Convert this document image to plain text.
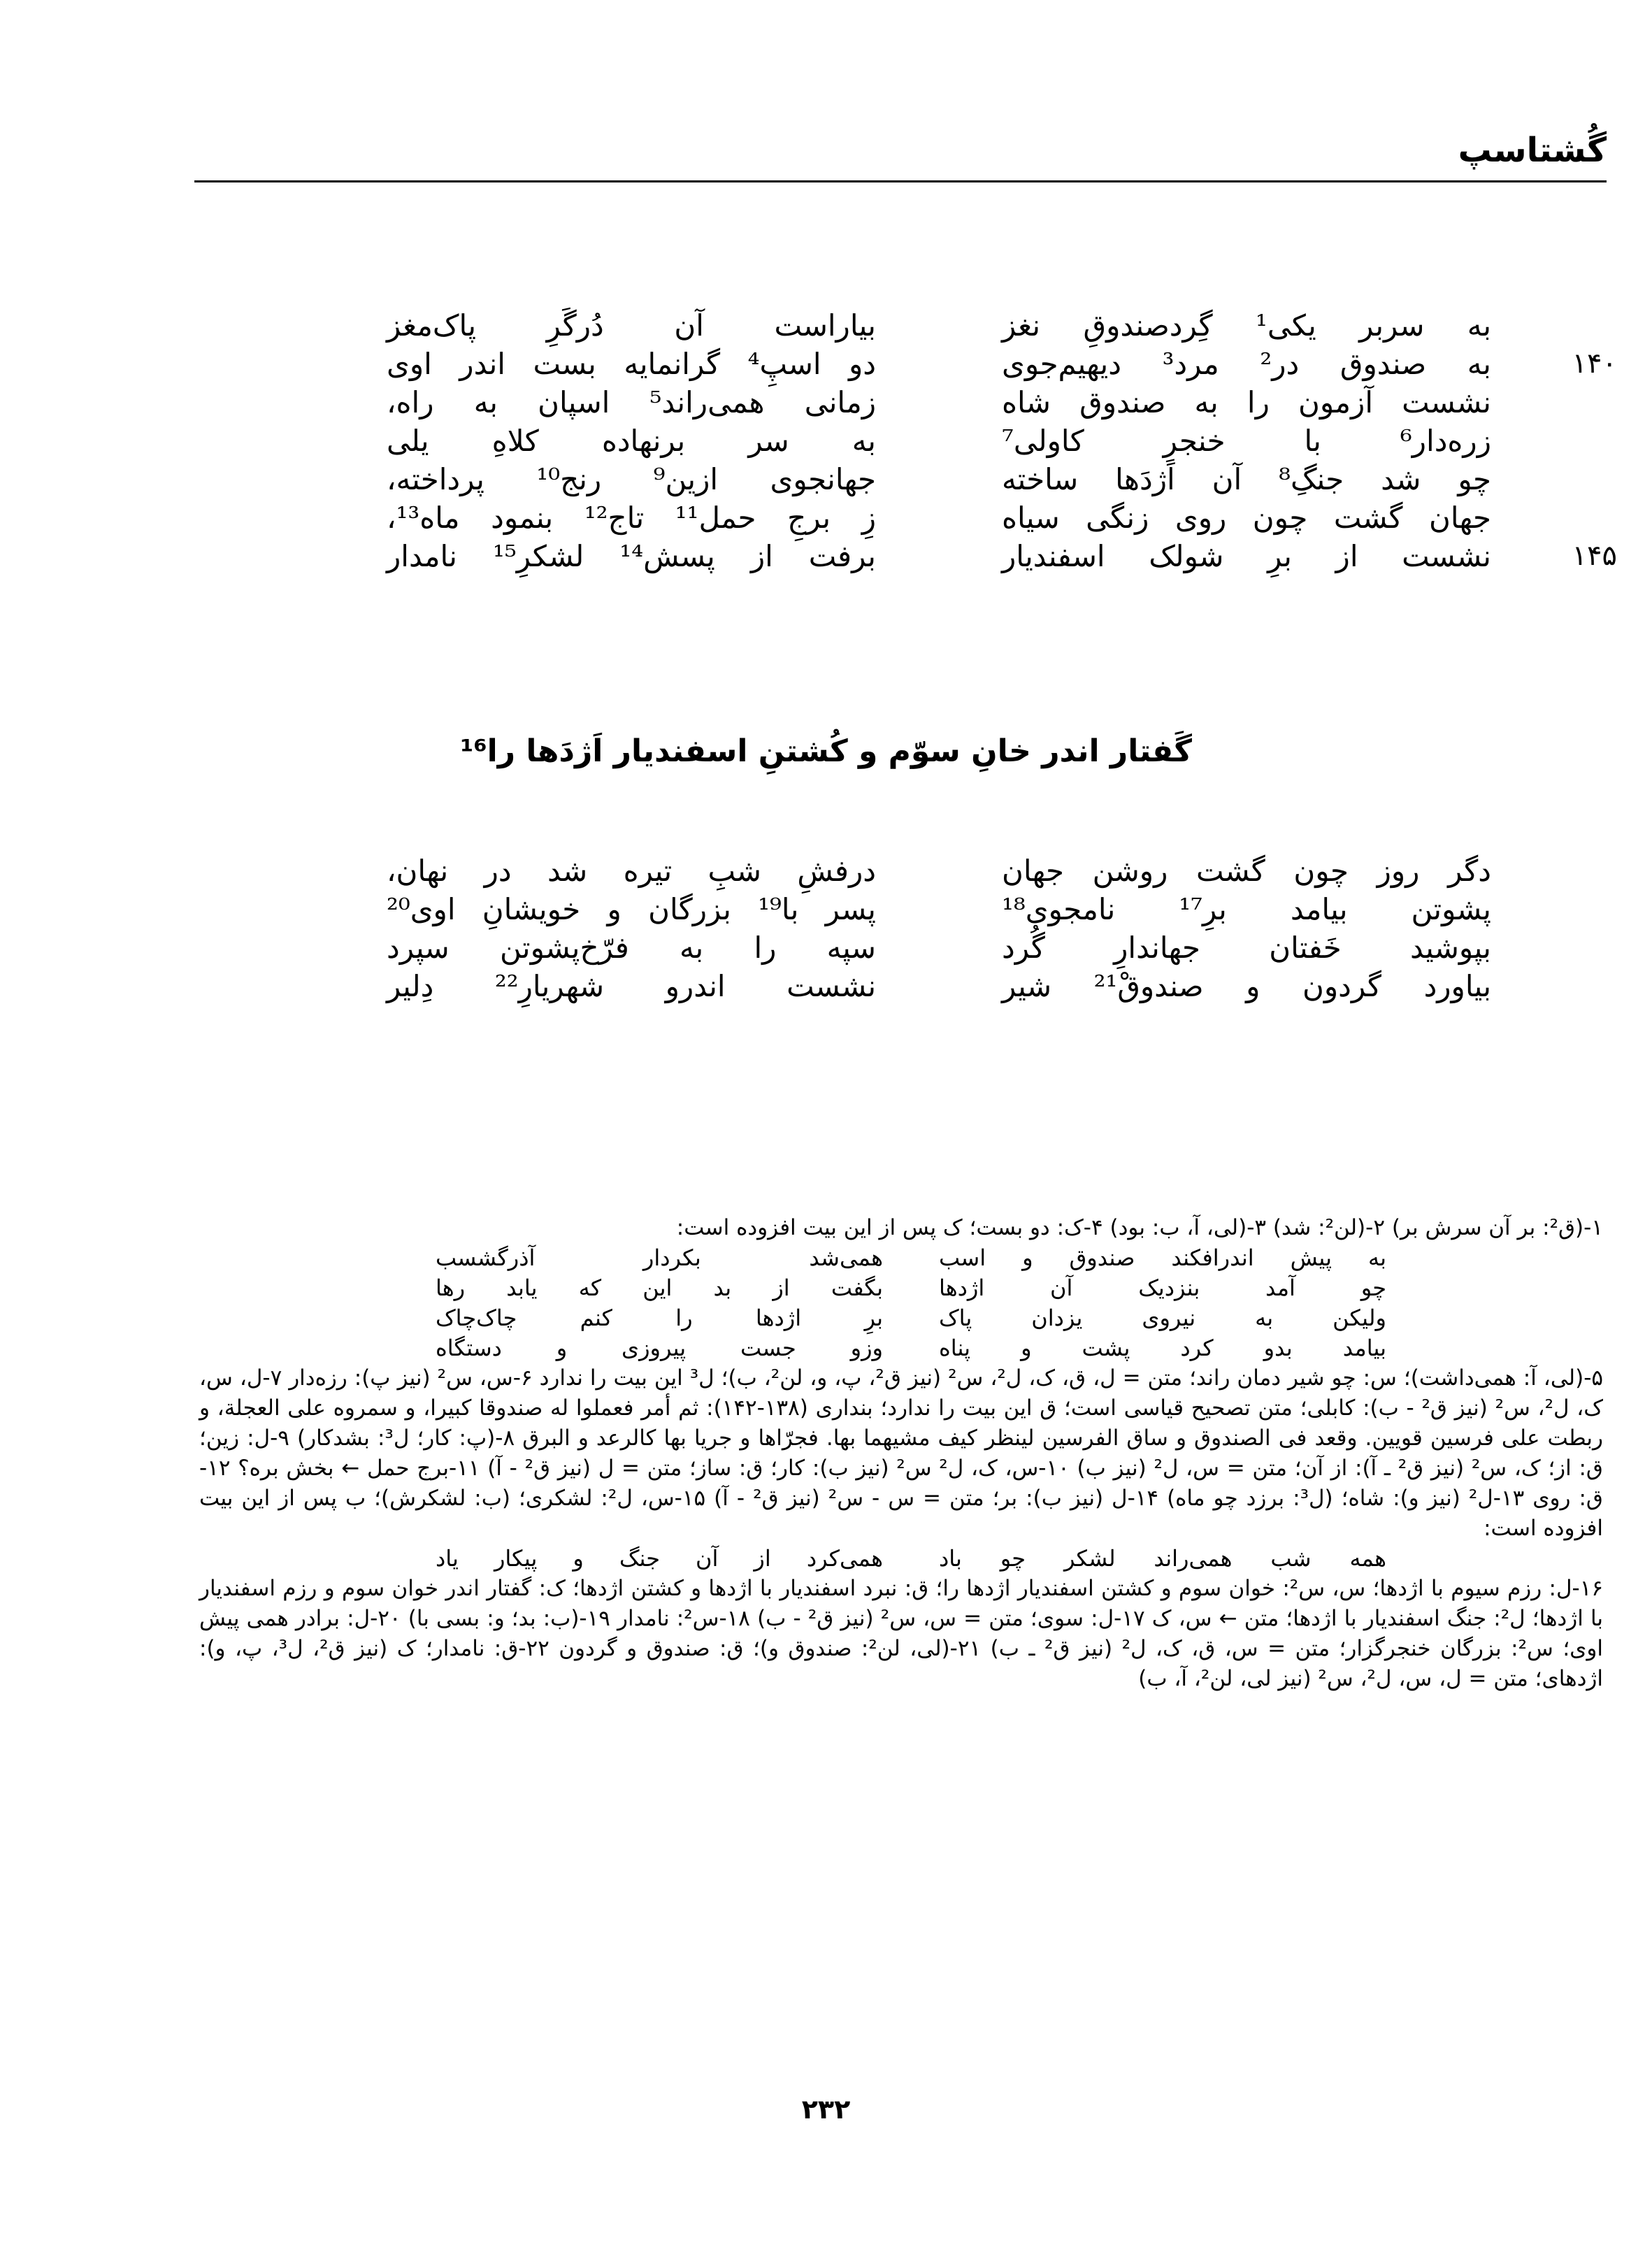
گُشتاسپ
به سربر یکی¹ گِردصندوقِ نغز
بیاراست آن دُرگَرِ پاک‌مغز
۱۴۰
به صندوق در² مرد³ دیهیم‌جوی
دو اسپِ⁴ گرانمایه بست اندر اوی
نشست آزمون را به صندوق شاه
زمانی همی‌راند⁵ اسپان به راه،
زره‌دار⁶ با خنجرِ کاولی⁷
به سر برنهاده کلاهِ یلی
چو شد جنگِ⁸ آن اَژدَها ساخته
جهانجوی ازین⁹ رنج¹⁰ پرداخته،
جهان گشت چون روی زنگی سیاه
زِ برجِ حمل¹¹ تاج¹² بنمود ماه¹³،
۱۴۵
نشست از برِ شولک اسفندیار
برفت از پسش¹⁴ لشکرِ¹⁵ نامدار
گَفتار اندر خانِ سوّم و کُشتنِ اسفندیار اَژدَها را¹⁶
دگر روز چون گشت روشن جهان
درفشِ شبِ تیره شد در نهان،
پشوتن بیامد برِ¹⁷ نامجوی¹⁸
پسر با¹⁹ بزرگان و خویشانِ اوی²⁰
بپوشید خَفتان جهاندارِ گُرد
سپه را به فرّخ‌پشوتن سپرد
بیاورد گردون و صندوقْ²¹ شیر
نشست اندرو شهریارِ²² دِلیر
۱-(ق²: بر آن سرش بر) ۲-(لن²: شد) ۳-(لی، آ، ب: بود) ۴-ک: دو بست؛ ک پس از این بیت افزوده است:
به پیش اندرافکند صندوق و اسب
همی‌شد بکردار آذرگشسب
چو آمد بنزدیک آن اژدها
بگفت از بد این که یابد رها
ولیکن به نیروی یزدان پاک
برِ اژدها را کنم چاک‌چاک
بیامد بدو کرد پشت و پناه
وزو جست پیروزی و دستگاه
۵-(لی، آ: همی‌داشت)؛ س: چو شیر دمان راند؛ متن = ل، ق، ک، ل²، س² (نیز ق²، پ، و، لن²، ب)؛ ل³ این بیت را ندارد ۶-س، س² (نیز پ): رزه‌دار ۷-ل، س، ک، ل²، س² (نیز ق² - ب): کابلی؛ متن تصحیح قیاسی است؛ ق این بیت را ندارد؛ بنداری (۱۳۸-۱۴۲): ثم أمر فعملوا له صندوقا کبیرا، و سمروه علی العجلة، و ربطت علی فرسین قویین. وقعد فی الصندوق و ساق الفرسین لینظر کیف مشیهما بها. فجرّاها و جریا بها کالرعد و البرق ۸-(پ: کار؛ ل³: بشدکار) ۹-ل: زین؛ ق: از؛ ک، س² (نیز ق² ـ آ): از آن؛ متن = س، ل² (نیز ب) ۱۰-س، ک، ل² س² (نیز ب): کار؛ ق: ساز؛ متن = ل (نیز ق² - آ) ۱۱-برج حمل ← بخش بره؟ ۱۲-ق: روی ۱۳-ل² (نیز و): شاه؛ (ل³: برزد چو ماه) ۱۴-ل (نیز ب): بر؛ متن = س - س² (نیز ق² - آ) ۱۵-س، ل²: لشکری؛ (ب: لشکرش)؛ ب پس از این بیت افزوده است:
همه شب همی‌راند لشکر چو باد
همی‌کرد از آن جنگ و پیکار یاد
۱۶-ل: رزم سیوم با اژدها؛ س، س²: خوان سوم و کشتن اسفندیار اژدها را؛ ق: نبرد اسفندیار با اژدها و کشتن اژدها؛ ک: گفتار اندر خوان سوم و رزم اسفندیار با اژدها؛ ل²: جنگ اسفندیار با اژدها؛ متن ← س، ک ۱۷-ل: سوی؛ متن = س، س² (نیز ق² - ب) ۱۸-س²: نامدار ۱۹-(ب: بد؛ و: بسی با) ۲۰-ل: برادر همی پیش اوی؛ س²: بزرگان خنجرگزار؛ متن = س، ق، ک، ل² (نیز ق² ـ ب) ۲۱-(لی، لن²: صندوق و)؛ ق: صندوق و گردون ۲۲-ق: نامدار؛ ک (نیز ق²، ل³، پ، و): اژدهای؛ متن = ل، س، ل²، س² (نیز لی، لن²، آ، ب)
۲۳۲
